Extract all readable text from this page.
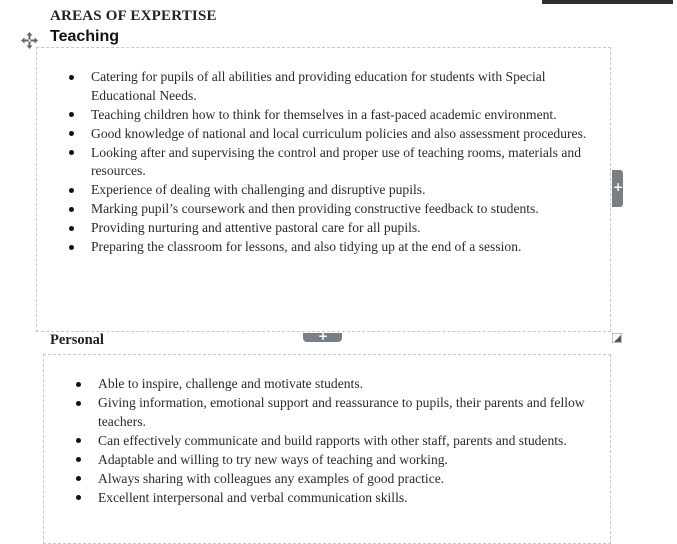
AREAS OF EXPERTISE
Teaching
Catering for pupils of all abilities and providing education for students with Special Educational Needs.
Teaching children how to think for themselves in a fast-paced academic environment.
Good knowledge of national and local curriculum policies and also assessment procedures.
Looking after and supervising the control and proper use of teaching rooms, materials and resources.
Experience of dealing with challenging and disruptive pupils.
Marking pupil’s coursework and then providing constructive feedback to students.
Providing nurturing and attentive pastoral care for all pupils.
Preparing the classroom for lessons, and also tidying up at the end of a session.
+
+
Personal
Able to inspire, challenge and motivate students.
Giving information, emotional support and reassurance to pupils, their parents and fellow teachers.
Can effectively communicate and build rapports with other staff, parents and students.
Adaptable and willing to try new ways of teaching and working.
Always sharing with colleagues any examples of good practice.
Excellent interpersonal and verbal communication skills.
